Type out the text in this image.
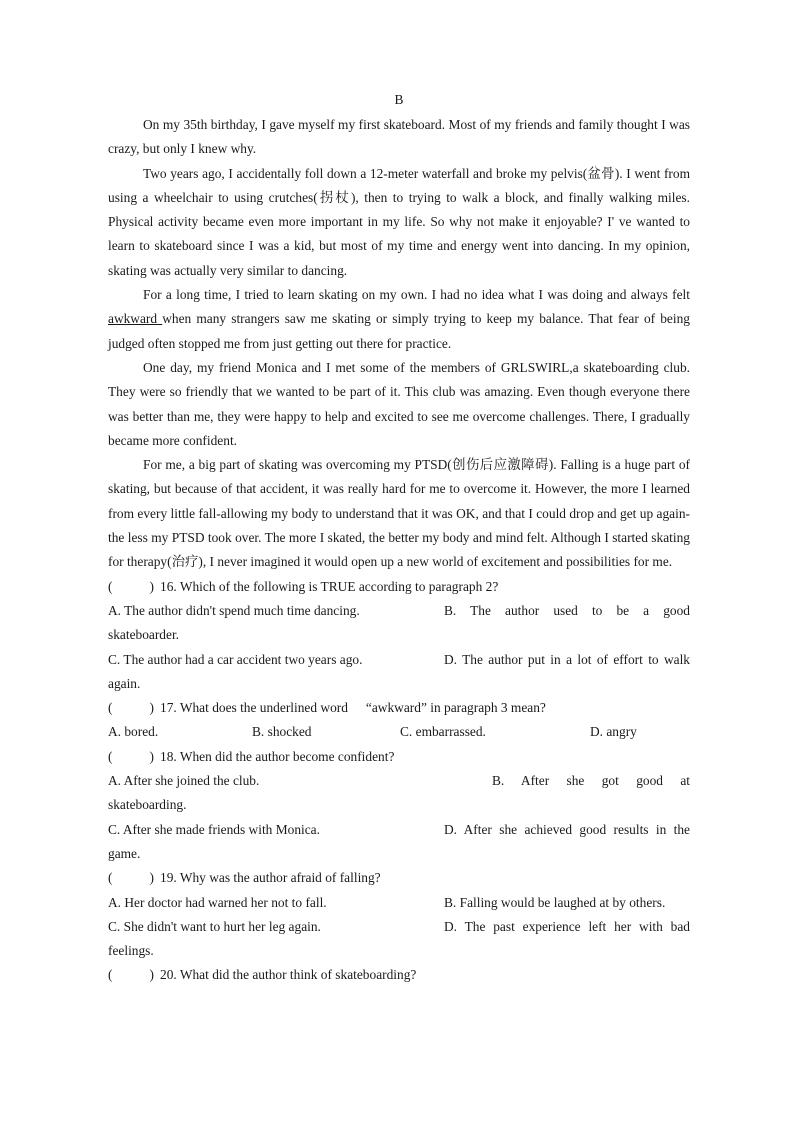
B

On my 35th birthday, I gave myself my first skateboard. Most of my friends and family thought I was crazy, but only I knew why.

Two years ago, I accidentally foll down a 12-meter waterfall and broke my pelvis(盆骨). I went from using a wheelchair to using crutches(拐杖), then to trying to walk a block, and finally walking miles. Physical activity became even more important in my life. So why not make it enjoyable? I' ve wanted to learn to skateboard since I was a kid, but most of my time and energy went into dancing. In my opinion, skating was actually very similar to dancing.

For a long time, I tried to learn skating on my own. I had no idea what I was doing and always felt awkward when many strangers saw me skating or simply trying to keep my balance. That fear of being judged often stopped me from just getting out there for practice.

One day, my friend Monica and I met some of the members of GRLSWIRL,a skateboarding club. They were so friendly that we wanted to be part of it. This club was amazing. Even though everyone there was better than me, they were happy to help and excited to see me overcome challenges. There, I gradually became more confident.

For me, a big part of skating was overcoming my PTSD(创伤后应激障碍). Falling is a huge part of skating, but because of that accident, it was really hard for me to overcome it. However, the more I learned from every little fall-allowing my body to understand that it was OK, and that I could drop and get up again-the less my PTSD took over. The more I skated, the better my body and mind felt. Although I started skating for therapy(治疗), I never imagined it would open up a new world of excitement and possibilities for me.

(	) 16. Which of the following is TRUE according to paragraph 2?
A. The author didn't spend much time dancing.	B. The author used to be a good
skateboarder.
C. The author had a car accident two years ago.	D. The author put in a lot of effort to walk
again.
(	) 17. What does the underlined word “awkward” in paragraph 3 mean?
A. bored.	B. shocked	C. embarrassed.	D. angry
(	) 18. When did the author become confident?
A. After she joined the club.	B. After she got good at
skateboarding.
C. After she made friends with Monica.	D. After she achieved good results in the
game.
(	) 19. Why was the author afraid of falling?
A. Her doctor had warned her not to fall.	B. Falling would be laughed at by others.
C. She didn't want to hurt her leg again.	D. The past experience left her with bad
feelings.
(	) 20. What did the author think of skateboarding?
